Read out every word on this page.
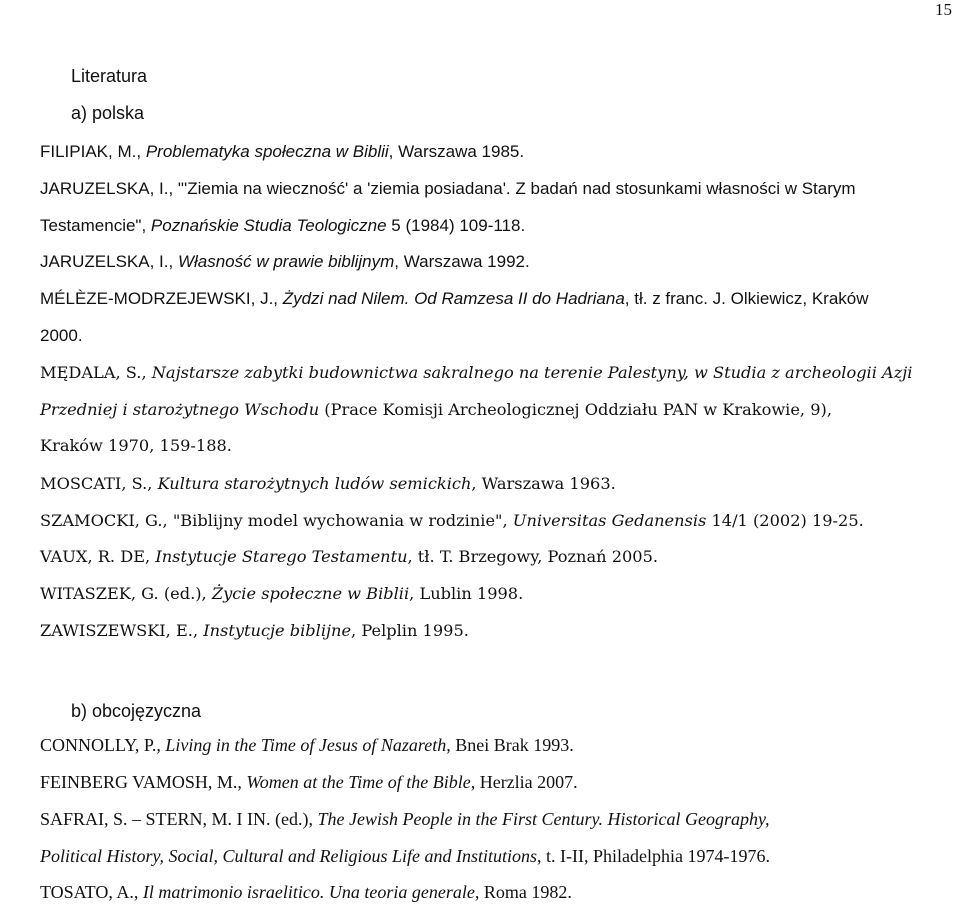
15
Literatura
a) polska
FILIPIAK, M., Problematyka społeczna w Biblii, Warszawa 1985.
JARUZELSKA, I., "'Ziemia na wieczność' a 'ziemia posiadana'. Z badań nad stosunkami własności w Starym
Testamencie", Poznańskie Studia Teologiczne 5 (1984) 109-118.
JARUZELSKA, I., Własność w prawie biblijnym, Warszawa 1992.
MÉLÈZE-MODRZEJEWSKI, J., Żydzi nad Nilem. Od Ramzesa II do Hadriana, tł. z franc. J. Olkiewicz, Kraków
2000.
MĘDALA, S., Najstarsze zabytki budownictwa sakralnego na terenie Palestyny, w Studia z archeologii Azji
Przedniej i starożytnego Wschodu (Prace Komisji Archeologicznej Oddziału PAN w Krakowie, 9),
Kraków 1970, 159-188.
MOSCATI, S., Kultura starożytnych ludów semickich, Warszawa 1963.
SZAMOCKI, G., "Biblijny model wychowania w rodzinie", Universitas Gedanensis 14/1 (2002) 19-25.
VAUX, R. DE, Instytucje Starego Testamentu, tł. T. Brzegowy, Poznań 2005.
WITASZEK, G. (ed.), Życie społeczne w Biblii, Lublin 1998.
ZAWISZEWSKI, E., Instytucje biblijne, Pelplin 1995.
b) obcojęzyczna
CONNOLLY, P., Living in the Time of Jesus of Nazareth, Bnei Brak 1993.
FEINBERG VAMOSH, M., Women at the Time of the Bible, Herzlia 2007.
SAFRAI, S. – STERN, M. I IN. (ed.), The Jewish People in the First Century. Historical Geography,
Political History, Social, Cultural and Religious Life and Institutions, t. I-II, Philadelphia 1974-1976.
TOSATO, A., Il matrimonio israelitico. Una teoria generale, Roma 1982.
